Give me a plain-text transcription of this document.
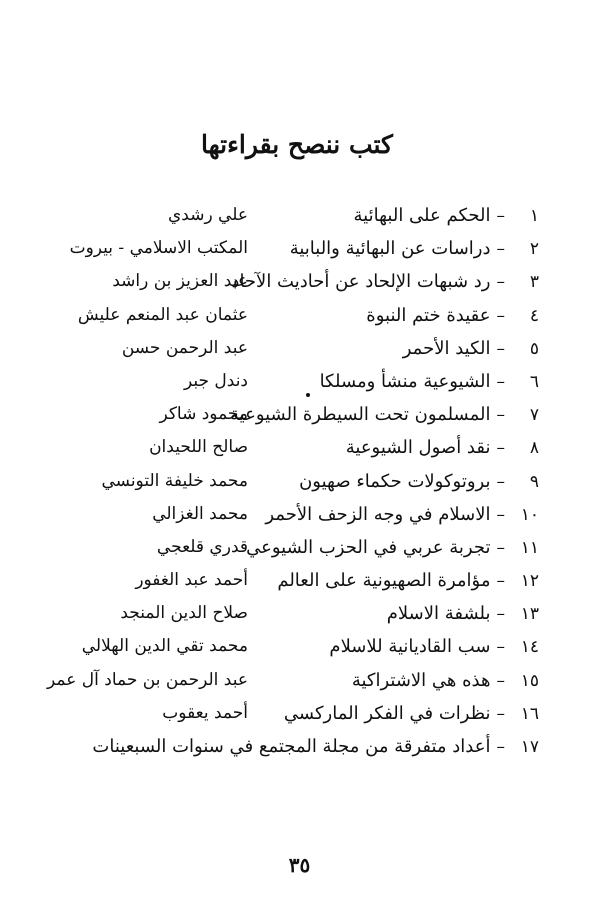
كتب ننصح بقراءتها
١–الحكم على البهائية
علي رشدي
٢–دراسات عن البهائية والبابية
المكتب الاسلامي - بيروت
٣–رد شبهات الإلحاد عن أحاديث الآحاد
عبد العزيز بن راشد
٤–عقيدة ختم النبوة
عثمان عبد المنعم عليش
٥–الكيد الأحمر
عبد الرحمن حسن
٦–الشيوعية منشأ ومسلكا
دندل جبر
٧–المسلمون تحت السيطرة الشيوعية
محمود شاكر
٨–نقد أصول الشيوعية
صالح اللحيدان
٩–بروتوكولات حكماء صهيون
محمد خليفة التونسي
١٠–الاسلام في وجه الزحف الأحمر
محمد الغزالي
١١–تجربة عربي في الحزب الشيوعي
قدري قلعجي
١٢–مؤامرة الصهيونية على العالم
أحمد عبد الغفور
١٣–بلشفة الاسلام
صلاح الدين المنجد
١٤–سب القاديانية للاسلام
محمد تقي الدين الهلالي
١٥–هذه هي الاشتراكية
عبد الرحمن بن حماد آل عمر
١٦–نظرات في الفكر الماركسي
أحمد يعقوب
١٧–أعداد متفرقة من مجلة المجتمع في سنوات السبعينات
٣٥
